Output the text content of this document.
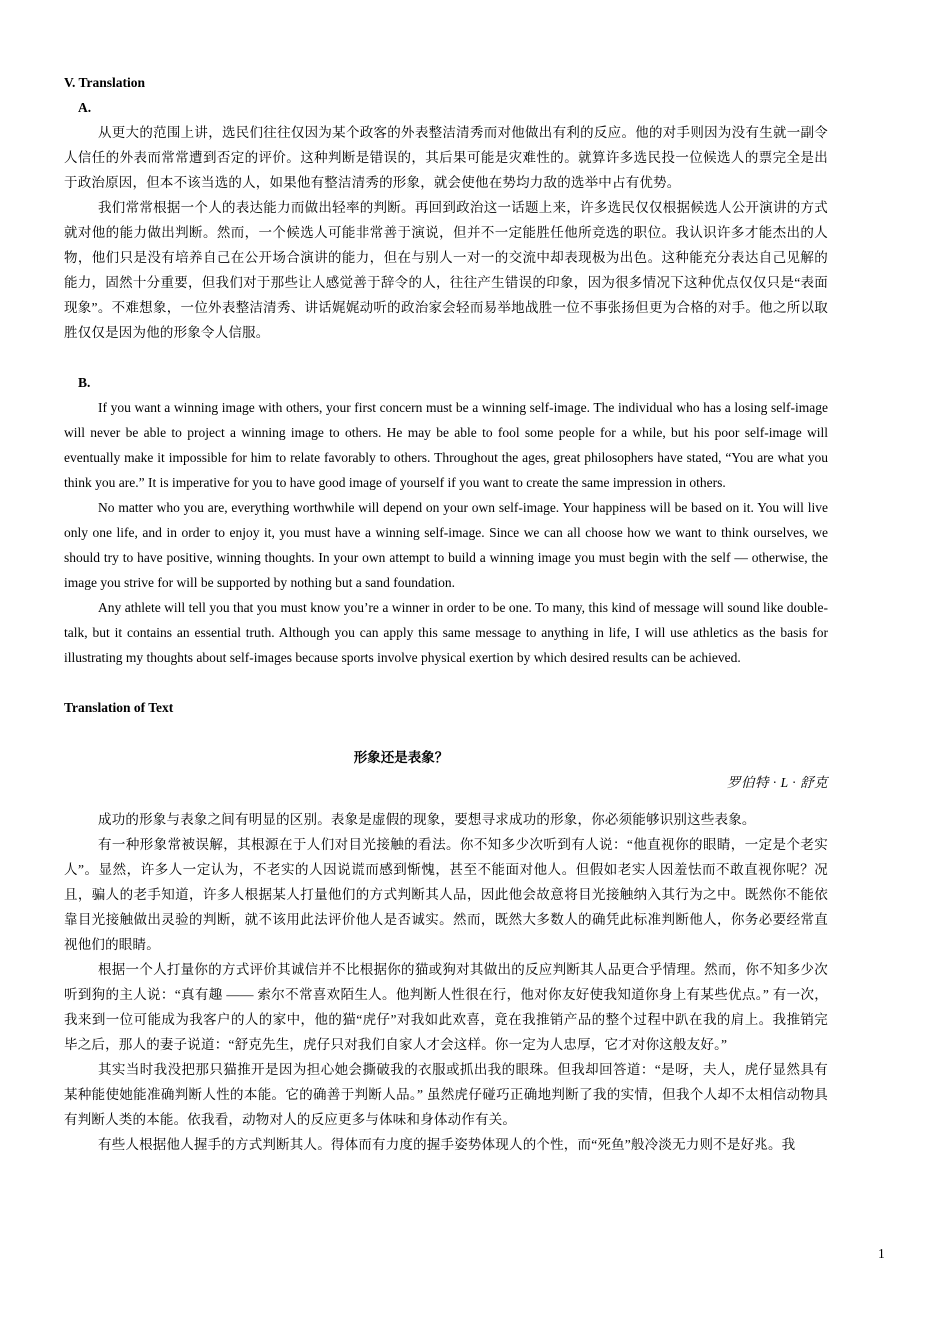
V. Translation

A.

从更大的范围上讲，选民们往往仅因为某个政客的外表整洁清秀而对他做出有利的反应。他的对手则因为没有生就一副令人信任的外表而常常遭到否定的评价。这种判断是错误的，其后果可能是灾难性的。就算许多选民投一位候选人的票完全是出于政治原因，但本不该当选的人，如果他有整洁清秀的形象，就会使他在势均力敌的选举中占有优势。

我们常常根据一个人的表达能力而做出轻率的判断。再回到政治这一话题上来，许多选民仅仅根据候选人公开演讲的方式就对他的能力做出判断。然而，一个候选人可能非常善于演说，但并不一定能胜任他所竞选的职位。我认识许多才能杰出的人物，他们只是没有培养自己在公开场合演讲的能力，但在与别人一对一的交流中却表现极为出色。这种能充分表达自己见解的能力，固然十分重要，但我们对于那些让人感觉善于辞令的人，往往产生错误的印象，因为很多情况下这种优点仅仅只是“表面现象”。不难想象，一位外表整洁清秀、讲话娓娓动听的政治家会轻而易举地战胜一位不事张扬但更为合格的对手。他之所以取胜仅仅是因为他的形象令人信服。

B.

If you want a winning image with others, your first concern must be a winning self-image. The individual who has a losing self-image will never be able to project a winning image to others. He may be able to fool some people for a while, but his poor self-image will eventually make it impossible for him to relate favorably to others. Throughout the ages, great philosophers have stated, “You are what you think you are.” It is imperative for you to have good image of yourself if you want to create the same impression in others.

No matter who you are, everything worthwhile will depend on your own self-image. Your happiness will be based on it. You will live only one life, and in order to enjoy it, you must have a winning self-image. Since we can all choose how we want to think ourselves, we should try to have positive, winning thoughts. In your own attempt to build a winning image you must begin with the self — otherwise, the image you strive for will be supported by nothing but a sand foundation.

Any athlete will tell you that you must know you’re a winner in order to be one. To many, this kind of message will sound like double-talk, but it contains an essential truth. Although you can apply this same message to anything in life, I will use athletics as the basis for illustrating my thoughts about self-images because sports involve physical exertion by which desired results can be achieved.

Translation of Text

形象还是表象？

罗伯特 · L · 舒克

成功的形象与表象之间有明显的区别。表象是虚假的现象，要想寻求成功的形象，你必须能够识别这些表象。

有一种形象常被误解，其根源在于人们对目光接触的看法。你不知多少次听到有人说：“他直视你的眼睛，一定是个老实人”。显然，许多人一定认为，不老实的人因说谎而感到惭愧，甚至不能面对他人。但假如老实人因羞怯而不敢直视你呢？况且，骗人的老手知道，许多人根据某人打量他们的方式判断其人品，因此他会故意将目光接触纳入其行为之中。既然你不能依靠目光接触做出灵验的判断，就不该用此法评价他人是否诚实。然而，既然大多数人的确凭此标准判断他人，你务必要经常直视他们的眼睛。

根据一个人打量你的方式评价其诚信并不比根据你的猫或狗对其做出的反应判断其人品更合乎情理。然而，你不知多少次听到狗的主人说：“真有趣 —— 索尔不常喜欢陌生人。他判断人性很在行，他对你友好使我知道你身上有某些优点。” 有一次，我来到一位可能成为我客户的人的家中，他的猫“虎仔”对我如此欢喜，竟在我推销产品的整个过程中趴在我的肩上。我推销完毕之后，那人的妻子说道：“舒克先生，虎仔只对我们自家人才会这样。你一定为人忠厚，它才对你这般友好。”

其实当时我没把那只猫推开是因为担心她会撕破我的衣服或抓出我的眼珠。但我却回答道：“是呀，夫人，虎仔显然具有某种能使她能准确判断人性的本能。它的确善于判断人品。” 虽然虎仔碰巧正确地判断了我的实情，但我个人却不太相信动物具有判断人类的本能。依我看，动物对人的反应更多与体味和身体动作有关。

有些人根据他人握手的方式判断其人。得体而有力度的握手姿势体现人的个性，而“死鱼”般冷淡无力则不是好兆。我

1
